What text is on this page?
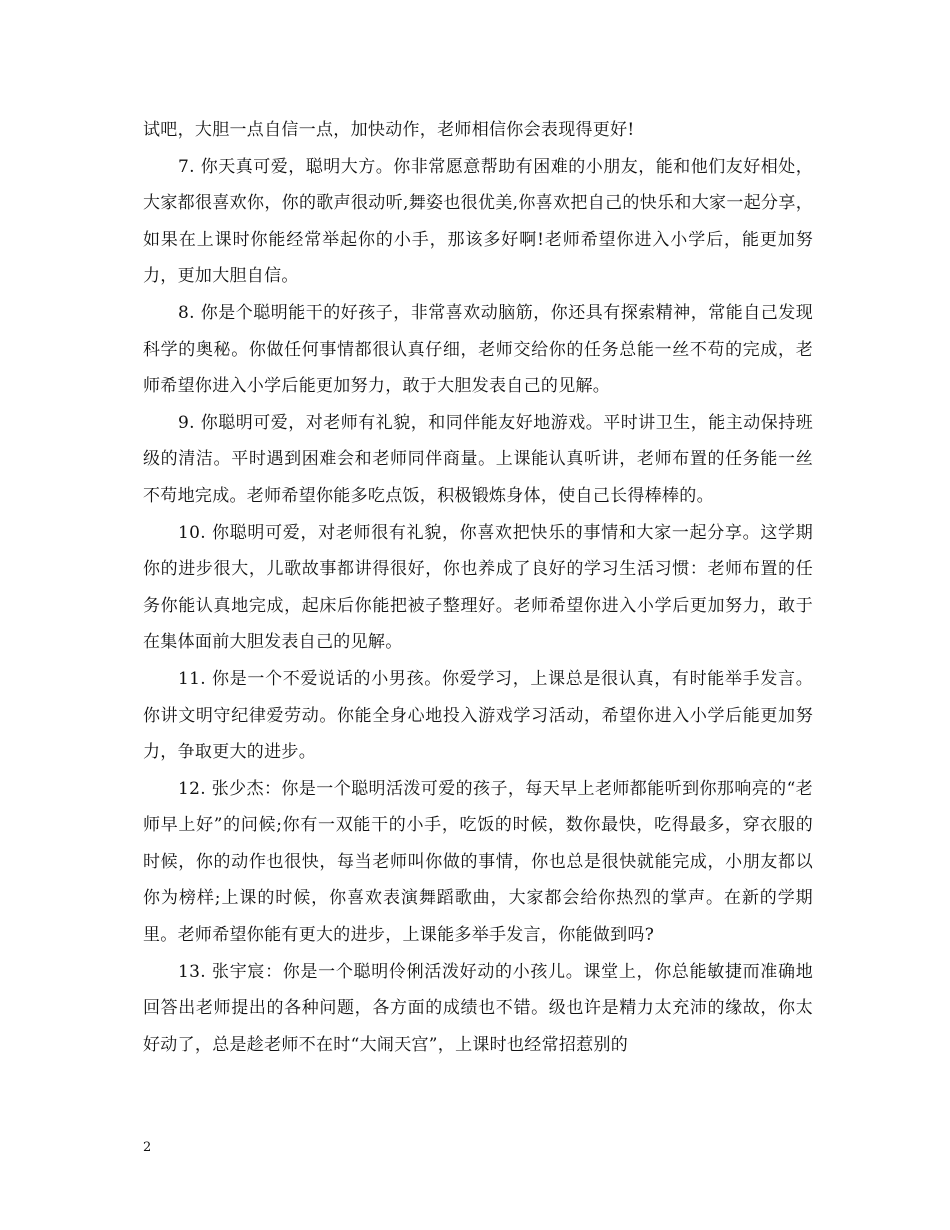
试吧，大胆一点自信一点，加快动作，老师相信你会表现得更好!

7. 你天真可爱，聪明大方。你非常愿意帮助有困难的小朋友，能和他们友好相处，大家都很喜欢你，你的歌声很动听,舞姿也很优美,你喜欢把自己的快乐和大家一起分享，如果在上课时你能经常举起你的小手，那该多好啊!老师希望你进入小学后，能更加努力，更加大胆自信。

8. 你是个聪明能干的好孩子，非常喜欢动脑筋，你还具有探索精神，常能自己发现科学的奥秘。你做任何事情都很认真仔细，老师交给你的任务总能一丝不苟的完成，老师希望你进入小学后能更加努力，敢于大胆发表自己的见解。

9. 你聪明可爱，对老师有礼貌，和同伴能友好地游戏。平时讲卫生，能主动保持班级的清洁。平时遇到困难会和老师同伴商量。上课能认真听讲，老师布置的任务能一丝不苟地完成。老师希望你能多吃点饭，积极锻炼身体，使自己长得棒棒的。

10. 你聪明可爱，对老师很有礼貌，你喜欢把快乐的事情和大家一起分享。这学期你的进步很大，儿歌故事都讲得很好，你也养成了良好的学习生活习惯：老师布置的任务你能认真地完成，起床后你能把被子整理好。老师希望你进入小学后更加努力，敢于在集体面前大胆发表自己的见解。

11. 你是一个不爱说话的小男孩。你爱学习，上课总是很认真，有时能举手发言。你讲文明守纪律爱劳动。你能全身心地投入游戏学习活动，希望你进入小学后能更加努力，争取更大的进步。

12. 张少杰：你是一个聪明活泼可爱的孩子，每天早上老师都能听到你那响亮的“老师早上好”的问候;你有一双能干的小手，吃饭的时候，数你最快，吃得最多，穿衣服的时候，你的动作也很快，每当老师叫你做的事情，你也总是很快就能完成，小朋友都以你为榜样;上课的时候，你喜欢表演舞蹈歌曲，大家都会给你热烈的掌声。在新的学期里。老师希望你能有更大的进步，上课能多举手发言，你能做到吗?

13. 张宇宸：你是一个聪明伶俐活泼好动的小孩儿。课堂上，你总能敏捷而准确地回答出老师提出的各种问题，各方面的成绩也不错。级也许是精力太充沛的缘故，你太好动了，总是趁老师不在时“大闹天宫”，上课时也经常招惹别的

2
